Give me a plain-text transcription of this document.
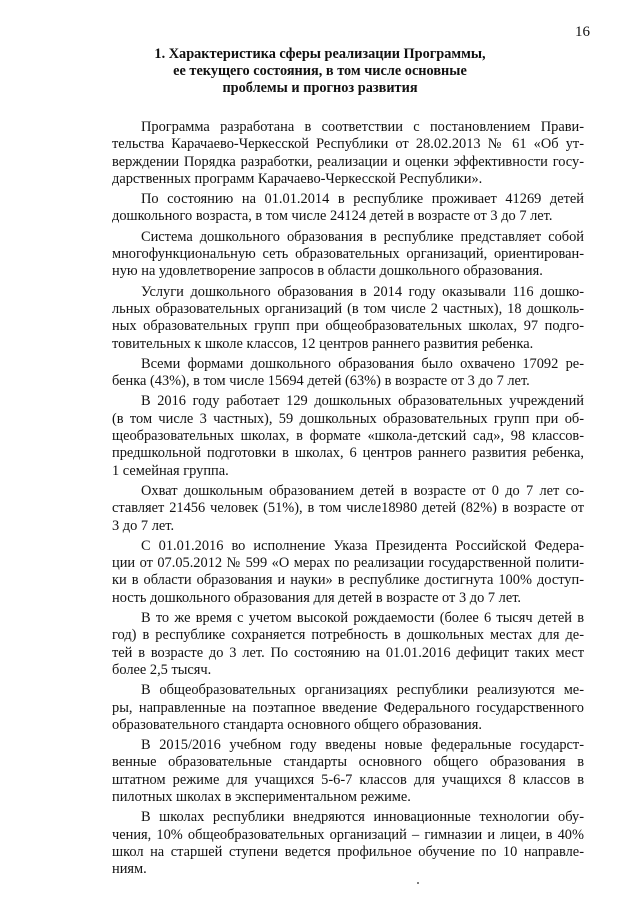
16
1. Характеристика сферы реализации Программы,
ее текущего состояния, в том числе основные
проблемы и прогноз развития
Программа разработана в соответствии с постановлением Прави-
тельства Карачаево-Черкесской Республики от 28.02.2013 № 61 «Об ут-
верждении Порядка разработки, реализации и оценки эффективности госу-
дарственных программ Карачаево-Черкесской Республики».
По состоянию на 01.01.2014 в республике проживает 41269 детей
дошкольного возраста, в том числе 24124 детей в возрасте от 3 до 7 лет.
Система дошкольного образования в республике представляет собой
многофункциональную сеть образовательных организаций, ориентирован-
ную на удовлетворение запросов в области дошкольного образования.
Услуги дошкольного образования в 2014 году оказывали 116 дошко-
льных образовательных организаций (в том числе 2 частных), 18 дошколь-
ных образовательных групп при общеобразовательных школах, 97 подго-
товительных к школе классов, 12 центров раннего развития ребенка.
Всеми формами дошкольного образования было охвачено 17092 ре-
бенка (43%), в том числе 15694 детей (63%) в возрасте от 3 до 7 лет.
В 2016 году работает 129 дошкольных образовательных учреждений
(в том числе 3 частных), 59 дошкольных образовательных групп при об-
щеобразовательных школах, в формате «школа-детский сад», 98 классов-
предшкольной подготовки в школах, 6 центров раннего развития ребенка,
1 семейная группа.
Охват дошкольным образованием детей в возрасте от 0 до 7 лет со-
ставляет 21456 человек (51%), в том числе18980 детей (82%) в возрасте от
3 до 7 лет.
С 01.01.2016 во исполнение Указа Президента Российской Федера-
ции от 07.05.2012 № 599 «О мерах по реализации государственной полити-
ки в области образования и науки» в республике достигнута 100% доступ-
ность дошкольного образования для детей в возрасте от 3 до 7 лет.
В то же время с учетом высокой рождаемости (более 6 тысяч детей в
год) в республике сохраняется потребность в дошкольных местах для де-
тей в возрасте до 3 лет. По состоянию на 01.01.2016 дефицит таких мест
более 2,5 тысяч.
В общеобразовательных организациях республики реализуются ме-
ры, направленные на поэтапное введение Федерального государственного
образовательного стандарта основного общего образования.
В 2015/2016 учебном году введены новые федеральные государст-
венные образовательные стандарты основного общего образования в
штатном режиме для учащихся 5-6-7 классов для учащихся 8 классов в
пилотных школах в экспериментальном режиме.
В школах республики внедряются инновационные технологии обу-
чения, 10% общеобразовательных организаций – гимназии и лицеи, в 40%
школ на старшей ступени ведется профильное обучение по 10 направле-
ниям.
